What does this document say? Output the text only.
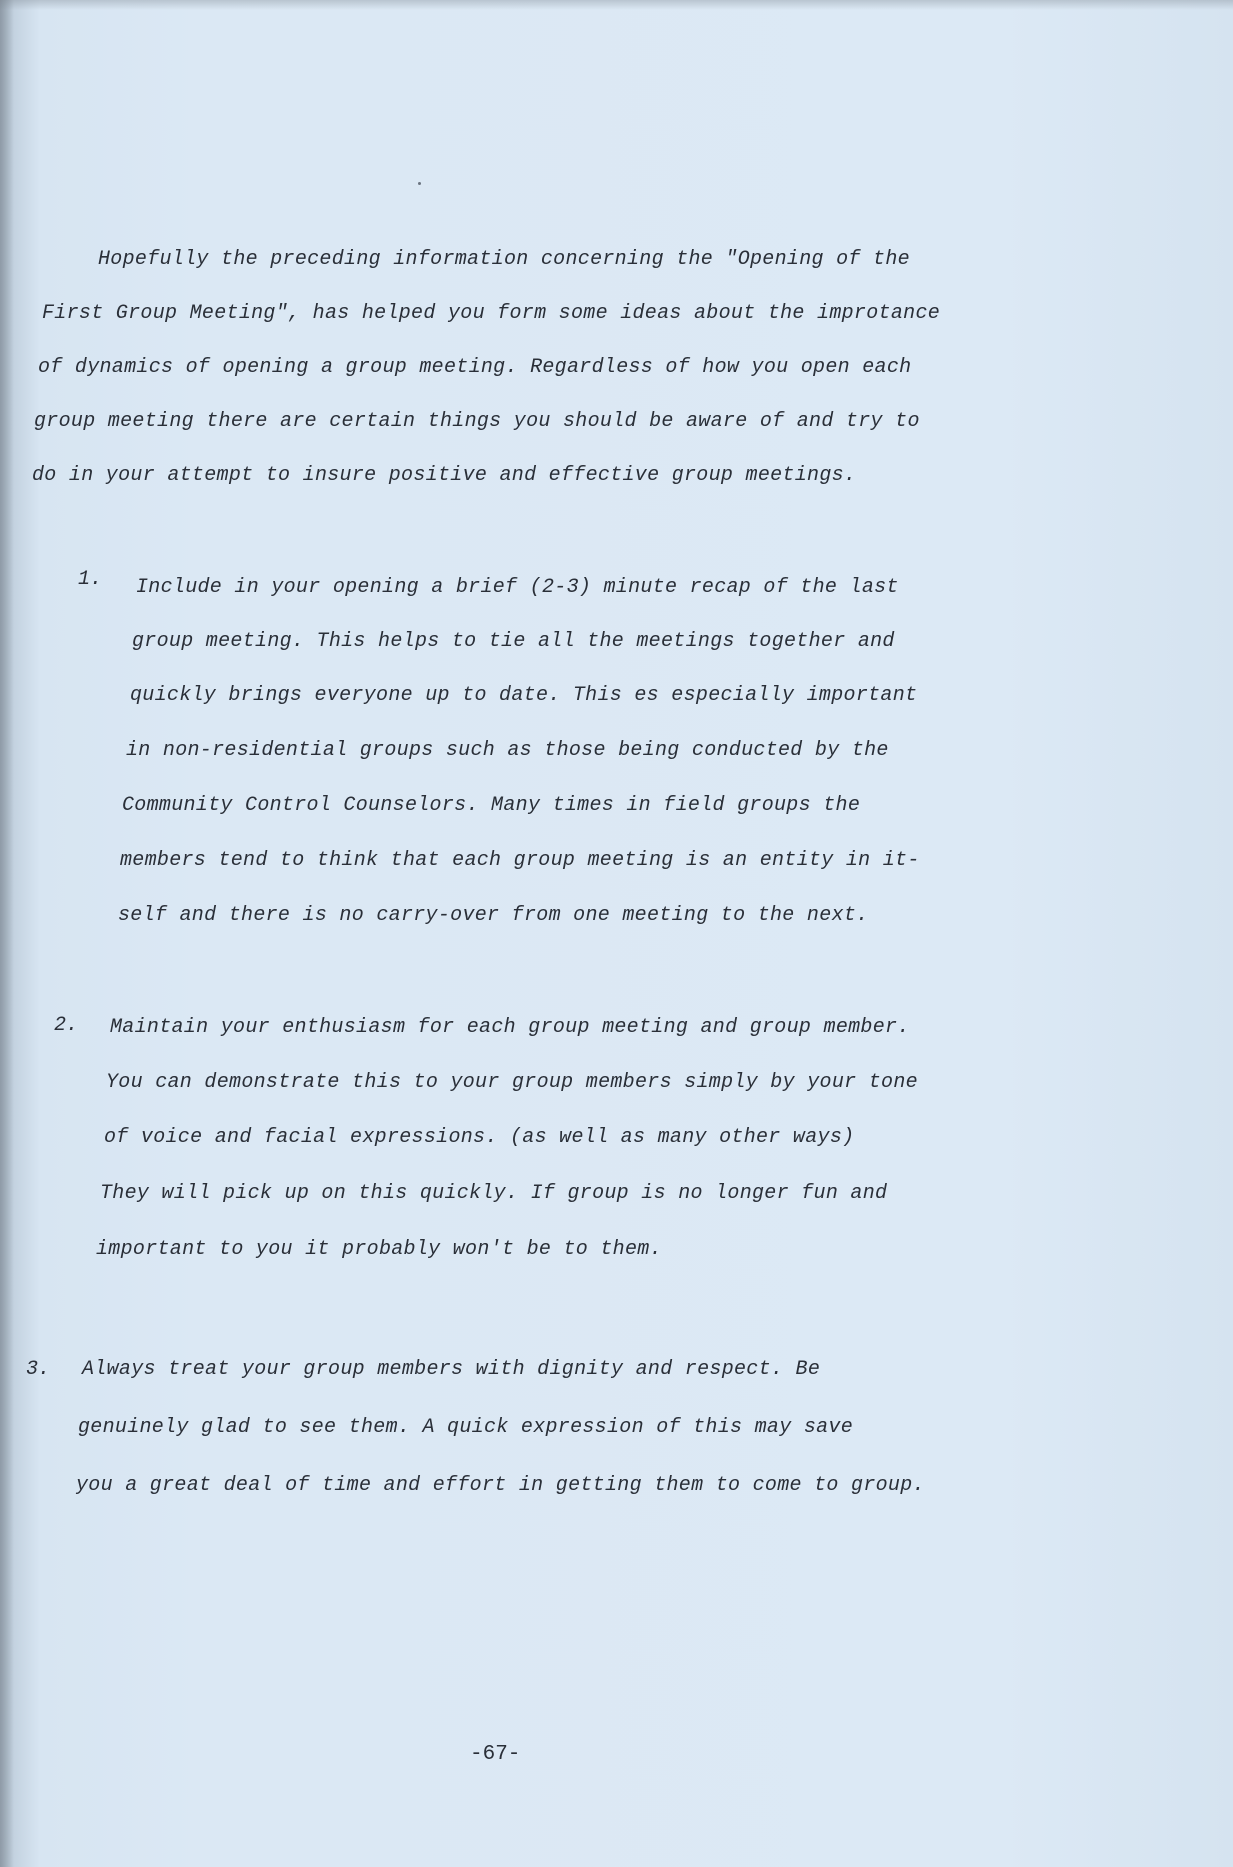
Hopefully the preceding information concerning the "Opening of the
First Group Meeting", has helped you form some ideas about the improtance
of dynamics of opening a group meeting. Regardless of how you open each
group meeting there are certain things you should be aware of and try to
do in your attempt to insure positive and effective group meetings.
1. Include in your opening a brief (2-3) minute recap of the last
group meeting. This helps to tie all the meetings together and
quickly brings everyone up to date. This es especially important
in non-residential groups such as those being conducted by the
Community Control Counselors. Many times in field groups the
members tend to think that each group meeting is an entity in it-
self and there is no carry-over from one meeting to the next.
2. Maintain your enthusiasm for each group meeting and group member.
You can demonstrate this to your group members simply by your tone
of voice and facial expressions. (as well as many other ways)
They will pick up on this quickly. If group is no longer fun and
important to you it probably won't be to them.
3. Always treat your group members with dignity and respect. Be
genuinely glad to see them. A quick expression of this may save
you a great deal of time and effort in getting them to come to group.
-67-
